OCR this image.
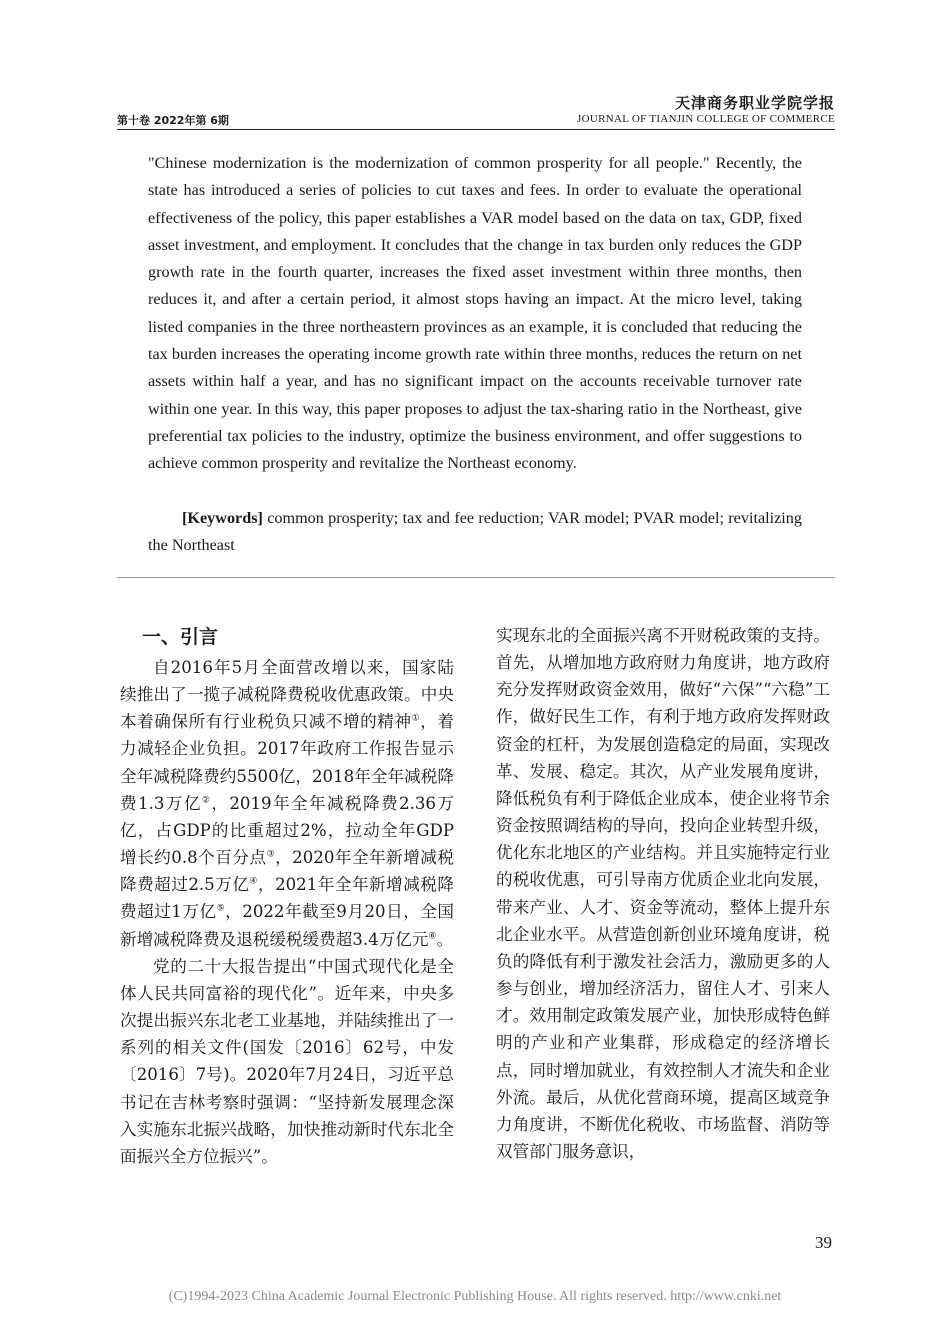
第十卷 2022年第 6期
天津商务职业学院学报
JOURNAL OF TIANJIN COLLEGE OF COMMERCE

"Chinese modernization is the modernization of common prosperity for all people." Recently, the state has introduced a series of policies to cut taxes and fees. In order to evaluate the operational effectiveness of the policy, this paper establishes a VAR model based on the data on tax, GDP, fixed asset investment, and employment. It concludes that the change in tax burden only reduces the GDP growth rate in the fourth quarter, increases the fixed asset investment within three months, then reduces it, and after a certain period, it almost stops having an impact. At the micro level, taking listed companies in the three northeastern provinces as an example, it is concluded that reducing the tax burden increases the operating income growth rate within three months, reduces the return on net assets within half a year, and has no significant impact on the accounts receivable turnover rate within one year. In this way, this paper proposes to adjust the tax-sharing ratio in the Northeast, give preferential tax policies to the industry, optimize the business environment, and offer suggestions to achieve common prosperity and revitalize the Northeast economy.

[Keywords] common prosperity; tax and fee reduction; VAR model; PVAR model; revitalizing the Northeast

一、引言

自2016年5月全面营改增以来，国家陆续推出了一揽子减税降费税收优惠政策。中央本着确保所有行业税负只减不增的精神①，着力减轻企业负担。2017年政府工作报告显示全年减税降费约5500亿，2018年全年减税降费1.3万亿②，2019年全年减税降费2.36万亿，占GDP的比重超过2%，拉动全年GDP增长约0.8个百分点③，2020年全年新增减税降费超过2.5万亿④，2021年全年新增减税降费超过1万亿⑤，2022年截至9月20日，全国新增减税降费及退税缓税缓费超3.4万亿元⑥。

党的二十大报告提出“中国式现代化是全体人民共同富裕的现代化”。近年来，中央多次提出振兴东北老工业基地，并陆续推出了一系列的相关文件(国发〔2016〕62号，中发〔2016〕7号)。2020年7月24日，习近平总书记在吉林考察时强调：“坚持新发展理念深入实施东北振兴战略，加快推动新时代东北全面振兴全方位振兴”。

实现东北的全面振兴离不开财税政策的支持。首先，从增加地方政府财力角度讲，地方政府充分发挥财政资金效用，做好“六保”“六稳”工作，做好民生工作，有利于地方政府发挥财政资金的杠杆，为发展创造稳定的局面，实现改革、发展、稳定。其次，从产业发展角度讲，降低税负有利于降低企业成本，使企业将节余资金按照调结构的导向，投向企业转型升级，优化东北地区的产业结构。并且实施特定行业的税收优惠，可引导南方优质企业北向发展，带来产业、人才、资金等流动，整体上提升东北企业水平。从营造创新创业环境角度讲，税负的降低有利于激发社会活力，激励更多的人参与创业，增加经济活力，留住人才、引来人才。效用制定政策发展产业，加快形成特色鲜明的产业和产业集群，形成稳定的经济增长点，同时增加就业，有效控制人才流失和企业外流。最后，从优化营商环境，提高区域竞争力角度讲，不断优化税收、市场监督、消防等双管部门服务意识，

39
(C)1994-2023 China Academic Journal Electronic Publishing House. All rights reserved. http://www.cnki.net
